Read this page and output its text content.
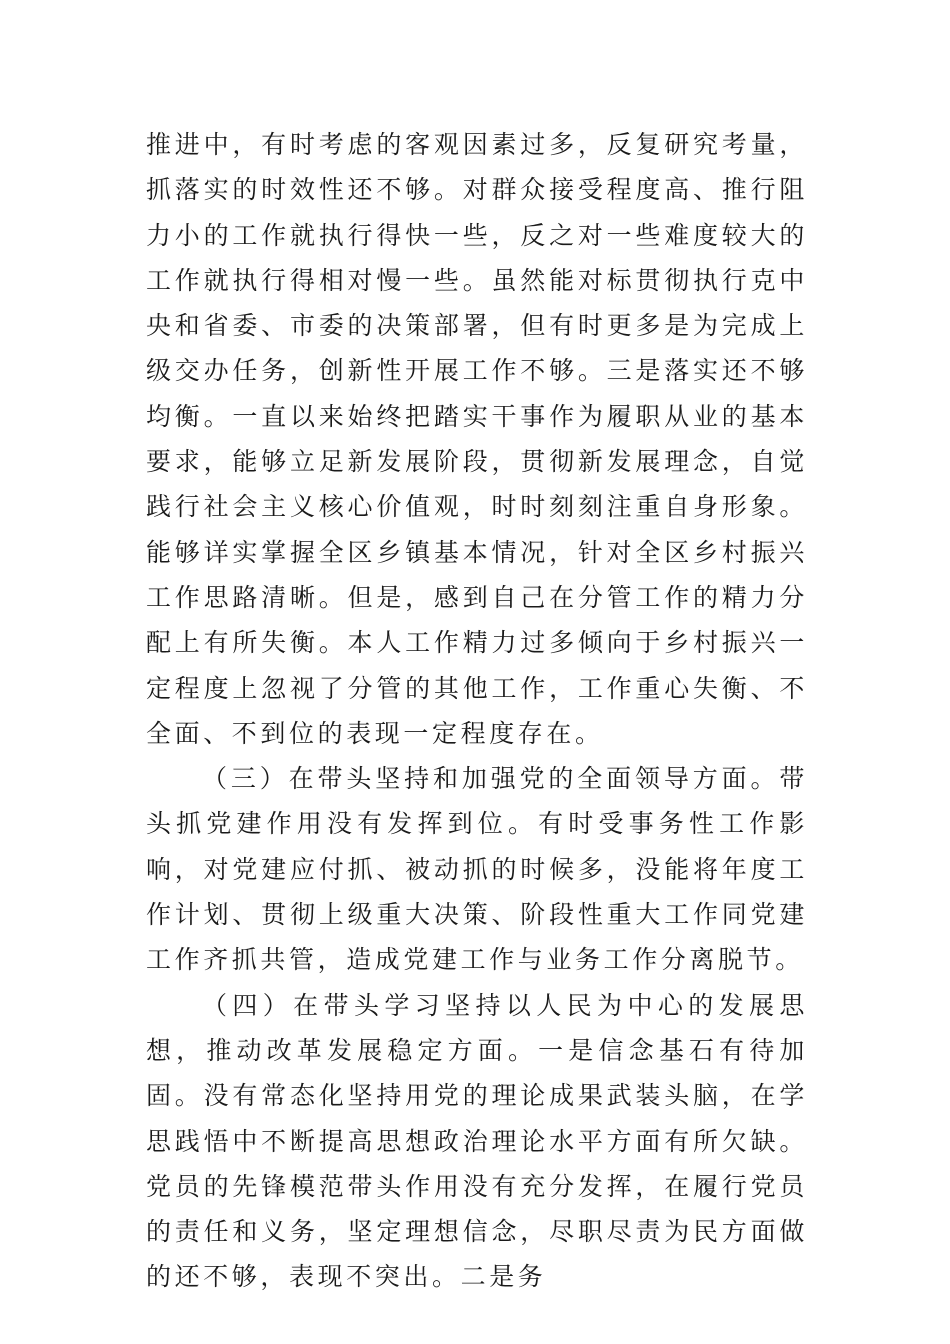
推进中，有时考虑的客观因素过多，反复研究考量，抓落实的时效性还不够。对群众接受程度高、推行阻力小的工作就执行得快一些，反之对一些难度较大的工作就执行得相对慢一些。虽然能对标贯彻执行克中央和省委、市委的决策部署，但有时更多是为完成上级交办任务，创新性开展工作不够。三是落实还不够均衡。一直以来始终把踏实干事作为履职从业的基本要求，能够立足新发展阶段，贯彻新发展理念，自觉践行社会主义核心价值观，时时刻刻注重自身形象。能够详实掌握全区乡镇基本情况，针对全区乡村振兴工作思路清晰。但是，感到自己在分管工作的精力分配上有所失衡。本人工作精力过多倾向于乡村振兴一定程度上忽视了分管的其他工作，工作重心失衡、不全面、不到位的表现一定程度存在。

（三）在带头坚持和加强党的全面领导方面。带头抓党建作用没有发挥到位。有时受事务性工作影响，对党建应付抓、被动抓的时候多，没能将年度工作计划、贯彻上级重大决策、阶段性重大工作同党建工作齐抓共管，造成党建工作与业务工作分离脱节。

（四）在带头学习坚持以人民为中心的发展思想，推动改革发展稳定方面。一是信念基石有待加固。没有常态化坚持用党的理论成果武装头脑，在学思践悟中不断提高思想政治理论水平方面有所欠缺。党员的先锋模范带头作用没有充分发挥，在履行党员的责任和义务，坚定理想信念，尽职尽责为民方面做的还不够，表现不突出。二是务
